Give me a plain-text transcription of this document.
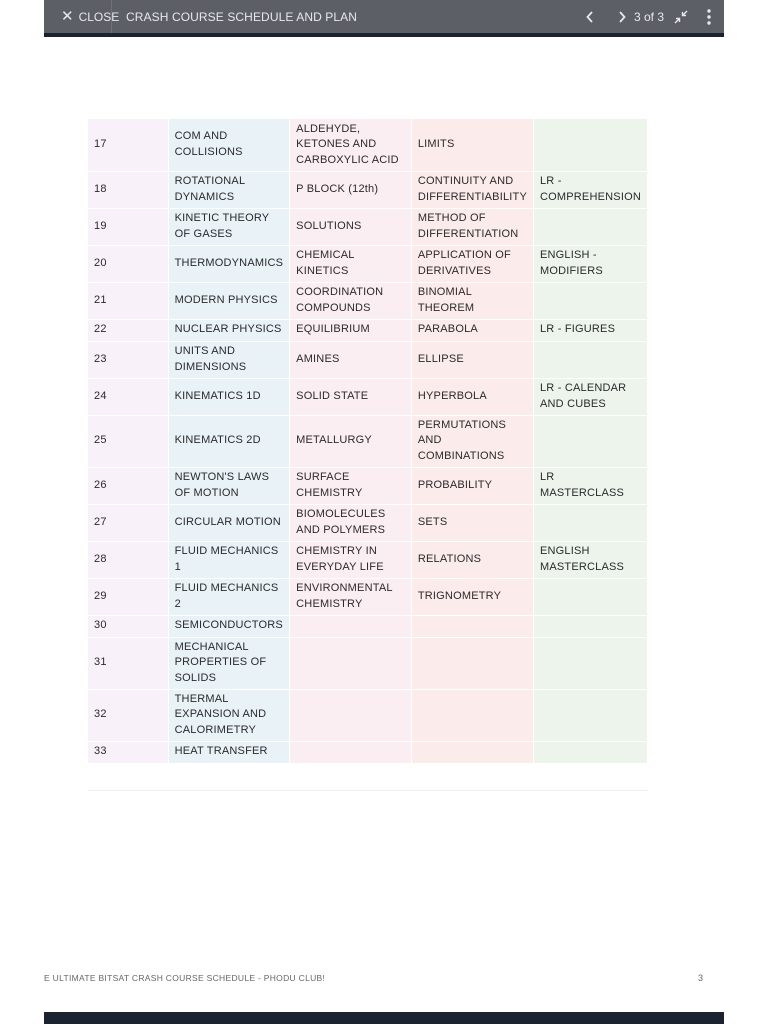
✕ CLOSE CRASH COURSE SCHEDULE AND PLAN	3 of 3
17	COM AND COLLISIONS	ALDEHYDE, KETONES AND CARBOXYLIC ACID	LIMITS	
18	ROTATIONAL DYNAMICS	P BLOCK (12th)	CONTINUITY AND DIFFERENTIABILITY	LR - COMPREHENSION
19	KINETIC THEORY OF GASES	SOLUTIONS	METHOD OF DIFFERENTIATION	
20	THERMODYNAMICS	CHEMICAL KINETICS	APPLICATION OF DERIVATIVES	ENGLISH - MODIFIERS
21	MODERN PHYSICS	COORDINATION COMPOUNDS	BINOMIAL THEOREM	
22	NUCLEAR PHYSICS	EQUILIBRIUM	PARABOLA	LR - FIGURES
23	UNITS AND DIMENSIONS	AMINES	ELLIPSE	
24	KINEMATICS 1D	SOLID STATE	HYPERBOLA	LR - CALENDAR AND CUBES
25	KINEMATICS 2D	METALLURGY	PERMUTATIONS AND COMBINATIONS	
26	NEWTON'S LAWS OF MOTION	SURFACE CHEMISTRY	PROBABILITY	LR MASTERCLASS
27	CIRCULAR MOTION	BIOMOLECULES AND POLYMERS	SETS	
28	FLUID MECHANICS 1	CHEMISTRY IN EVERYDAY LIFE	RELATIONS	ENGLISH MASTERCLASS
29	FLUID MECHANICS 2	ENVIRONMENTAL CHEMISTRY	TRIGNOMETRY	
30	SEMICONDUCTORS			
31	MECHANICAL PROPERTIES OF SOLIDS			
32	THERMAL EXPANSION AND CALORIMETRY			
33	HEAT TRANSFER			
E ULTIMATE BITSAT CRASH COURSE SCHEDULE - PHODU CLUB!	3
